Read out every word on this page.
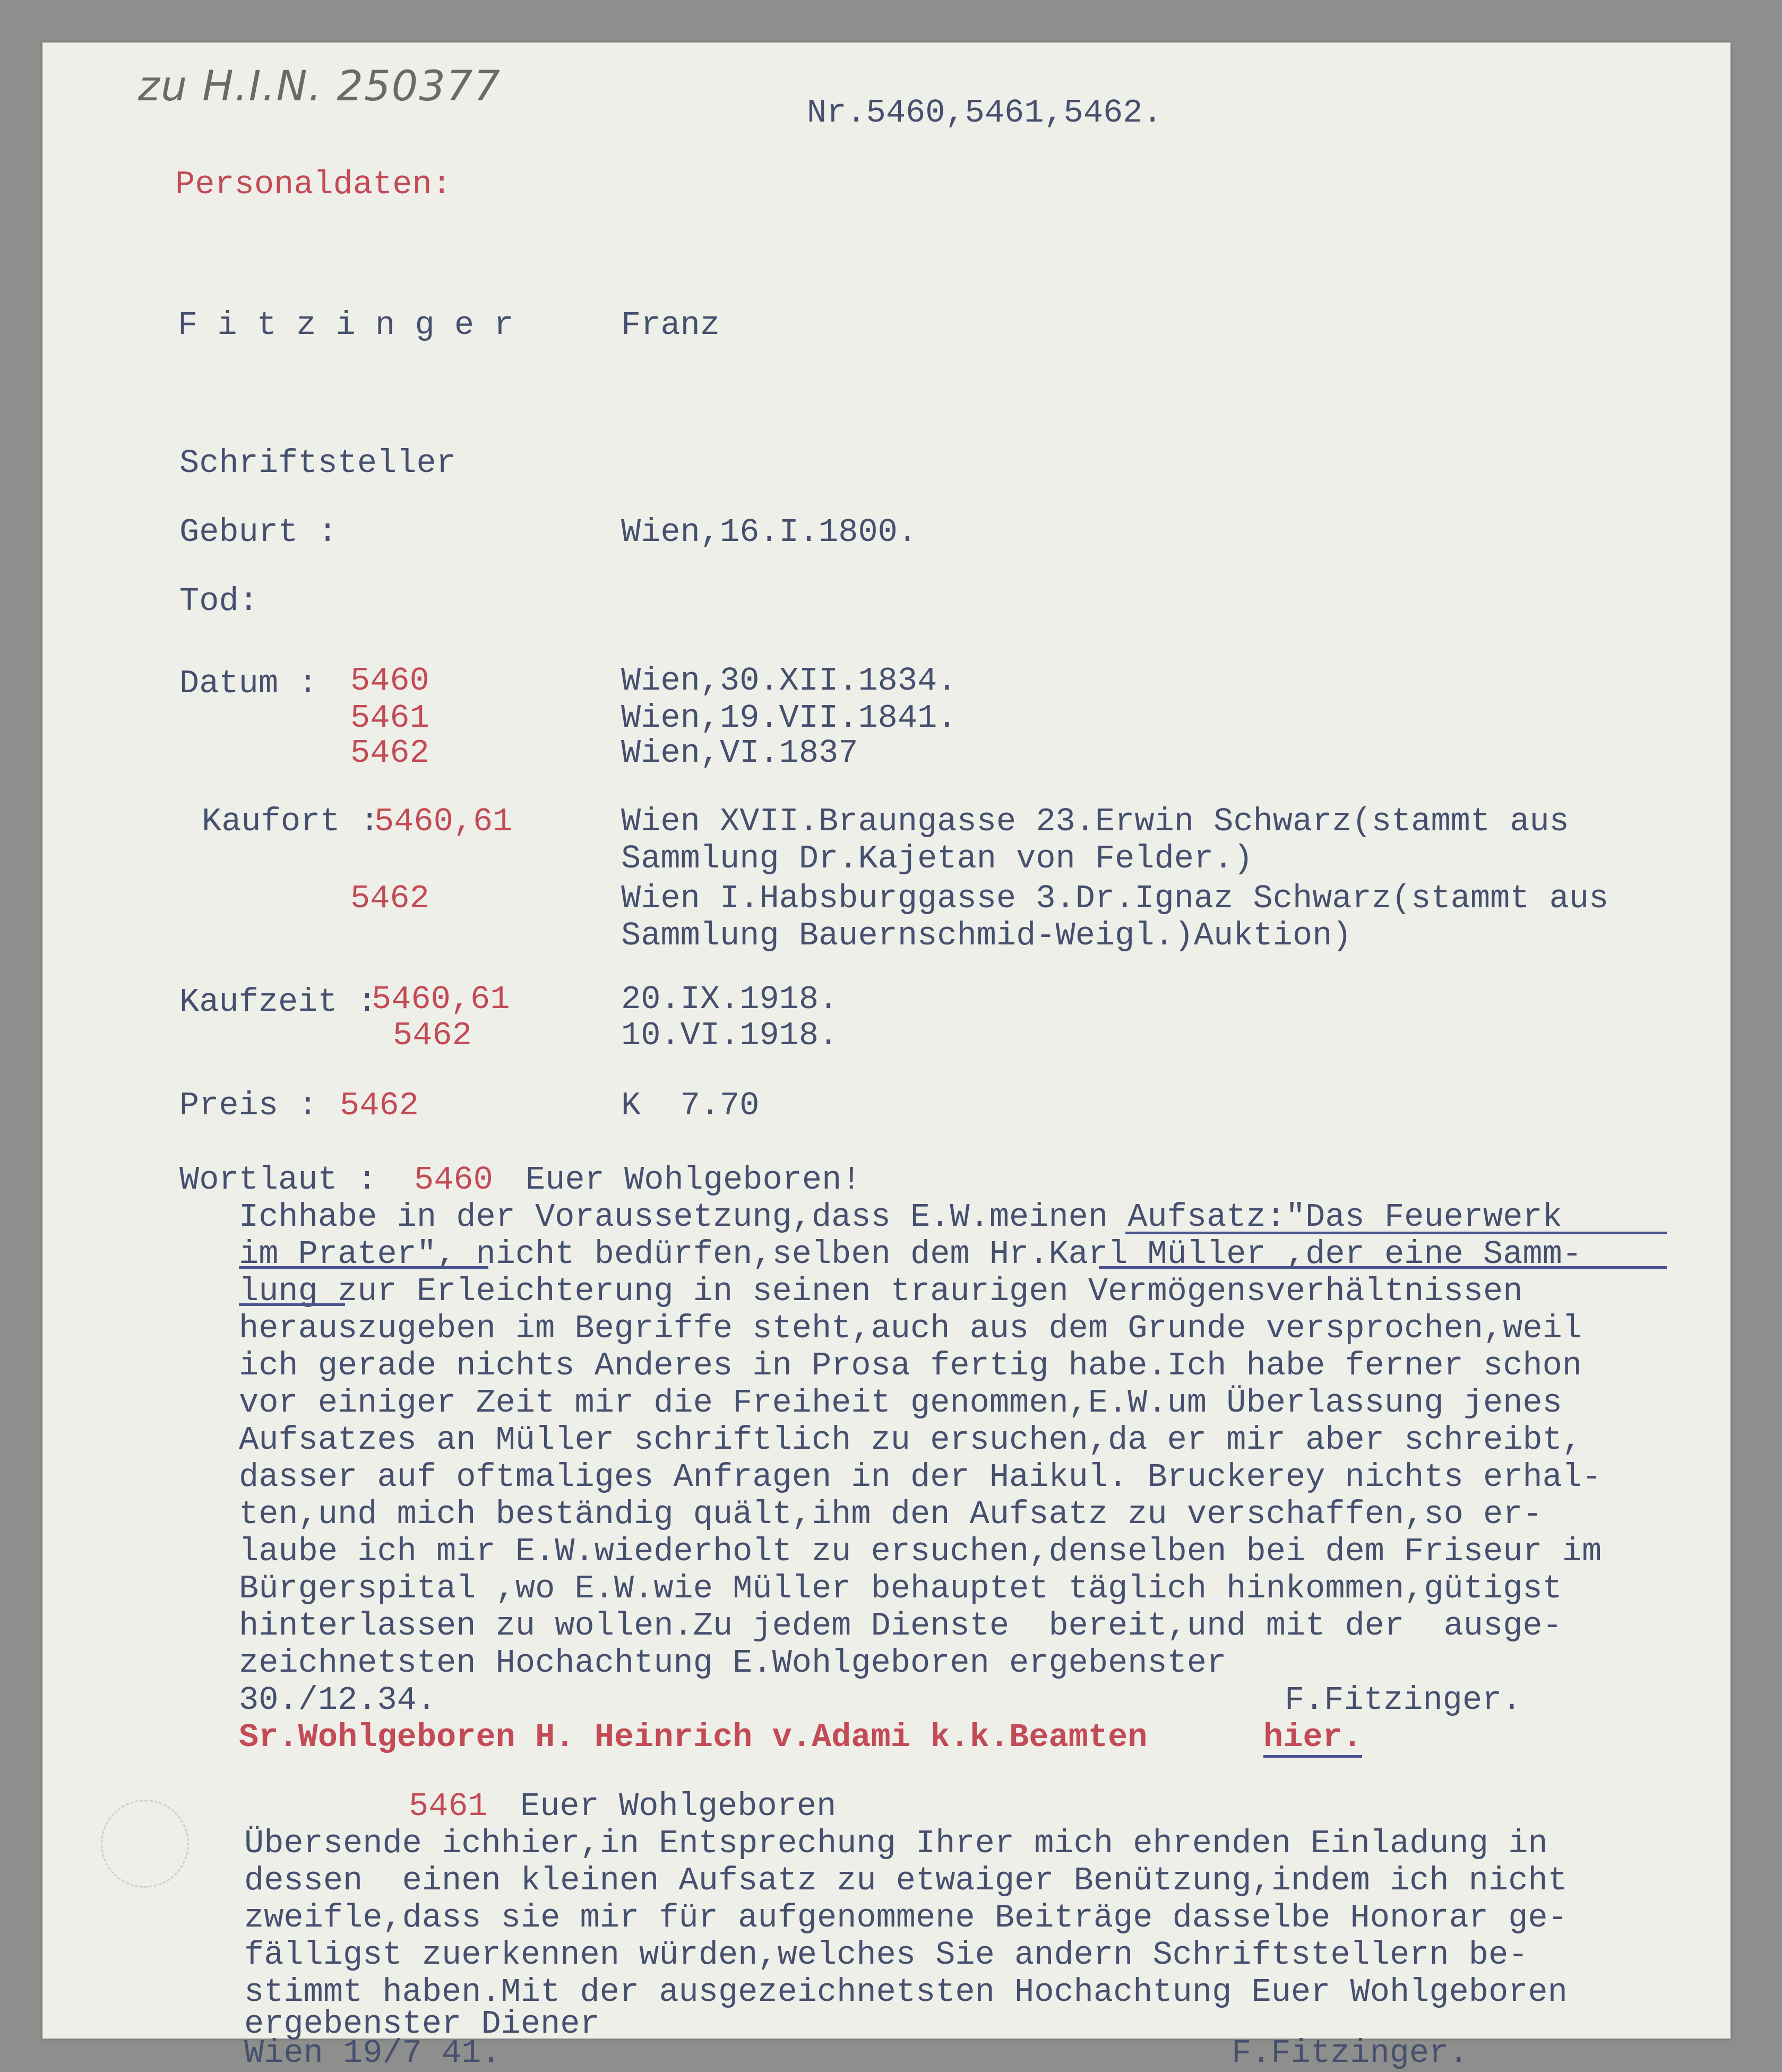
zu H.I.N. 250377
Nr.5460,5461,5462.
Personaldaten:
F i t z i n g e r	Franz
Schriftsteller
Geburt :	Wien,16.I.1800.
Tod:
Datum : 5460	Wien,30.XII.1834.
5461	Wien,19.VII.1841.
5462	Wien,VI.1837
Kaufort :
5460,61	Wien XVII.Braungasse 23.Erwin Schwarz(stammt aus
Sammlung Dr.Kajetan von Felder.)
5462	Wien I.Habsburggasse 3.Dr.Ignaz Schwarz(stammt aus
Sammlung Bauernschmid-Weigl.)Auktion)
Kaufzeit :
5460,61	20.IX.1918.
5462	10.VI.1918.
Preis : 5462	K  7.70
Wortlaut : 5460 Euer Wohlgeboren!
Ichhabe in der Voraussetzung,dass E.W.meinen Aufsatz:"Das Feuerwerk
im Prater", nicht bedürfen,selben dem Hr.Karl Müller ,der eine Samm-
lung zur Erleichterung in seinen traurigen Vermögensverhältnissen
herauszugeben im Begriffe steht,auch aus dem Grunde versprochen,weil
ich gerade nichts Anderes in Prosa fertig habe.Ich habe ferner schon
vor einiger Zeit mir die Freiheit genommen,E.W.um Überlassung jenes
Aufsatzes an Müller schriftlich zu ersuchen,da er mir aber schreibt,
dasser auf oftmaliges Anfragen in der Haikul. Bruckerey nichts erhal-
ten,und mich beständig quält,ihm den Aufsatz zu verschaffen,so er-
laube ich mir E.W.wiederholt zu ersuchen,denselben bei dem Friseur im
Bürgerspital ,wo E.W.wie Müller behauptet täglich hinkommen,gütigst
hinterlassen zu wollen.Zu jedem Dienste  bereit,und mit der  ausge-
zeichnetsten Hochachtung E.Wohlgeboren ergebenster
30./12.34.	F.Fitzinger.
Sr.Wohlgeboren H. Heinrich v.Adami k.k.Beamten	hier.
5461 Euer Wohlgeboren
Übersende ichhier,in Entsprechung Ihrer mich ehrenden Einladung in
dessen  einen kleinen Aufsatz zu etwaiger Benützung,indem ich nicht
zweifle,dass sie mir für aufgenommene Beiträge dasselbe Honorar ge-
fälligst zuerkennen würden,welches Sie andern Schriftstellern be-
stimmt haben.Mit der ausgezeichnetsten Hochachtung Euer Wohlgeboren
ergebenster Diener
Wien 19/7 41.	F.Fitzinger.
